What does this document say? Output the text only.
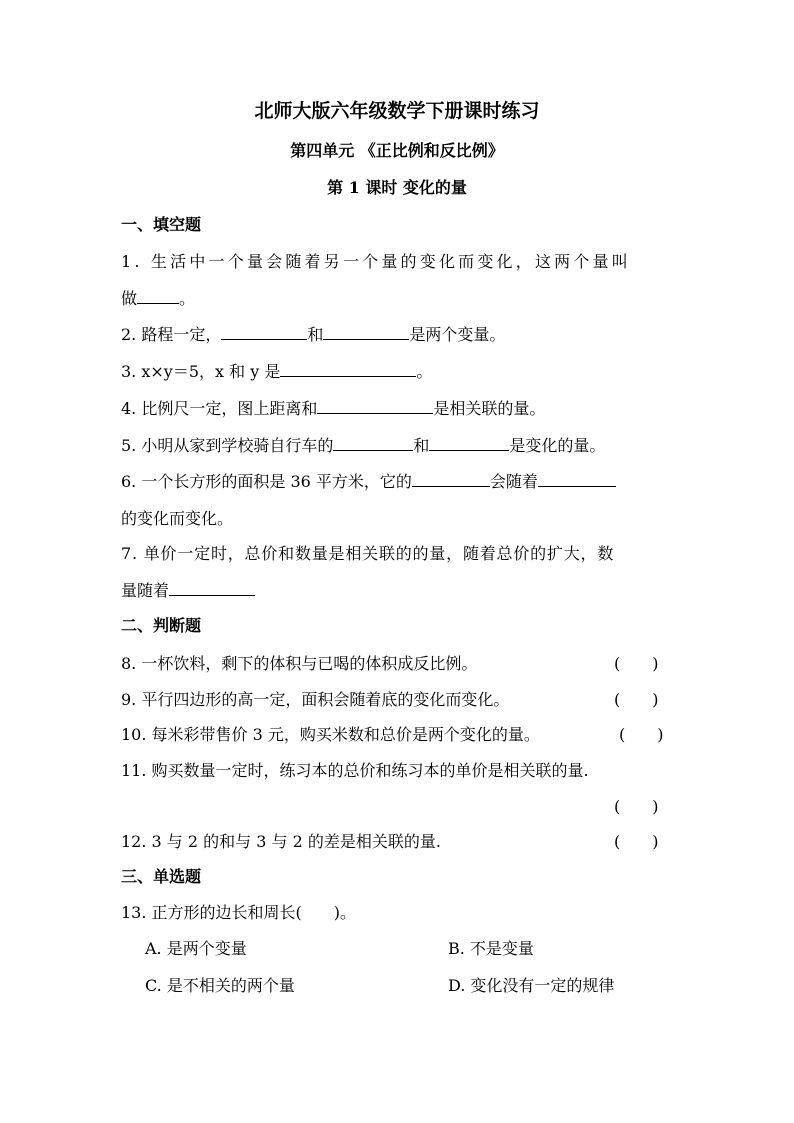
北师大版六年级数学下册课时练习
第四单元 《正比例和反比例》
第 1 课时 变化的量
一、填空题
1. 生活中一个量会随着另一个量的变化而变化，这两个量叫
做	。
2. 路程一定，	和	是两个变量。
3. x×y＝5，x 和 y 是	。
4. 比例尺一定，图上距离和	是相关联的量。
5. 小明从家到学校骑自行车的	和	是变化的量。
6. 一个长方形的面积是 36 平方米，它的	会随着
的变化而变化。
7. 单价一定时，总价和数量是相关联的的量，随着总价的扩大，数
量随着
二、判断题
8. 一杯饮料，剩下的体积与已喝的体积成反比例。	(　　)
9. 平行四边形的高一定，面积会随着底的变化而变化。	(　　)
10. 每米彩带售价 3 元，购买米数和总价是两个变化的量。	(　　)
11. 购买数量一定时，练习本的总价和练习本的单价是相关联的量.
(　　)
12. 3 与 2 的和与 3 与 2 的差是相关联的量.	(　　)
三、单选题
13. 正方形的边长和周长(　　)。
A. 是两个变量	B. 不是变量
C. 是不相关的两个量	D. 变化没有一定的规律
